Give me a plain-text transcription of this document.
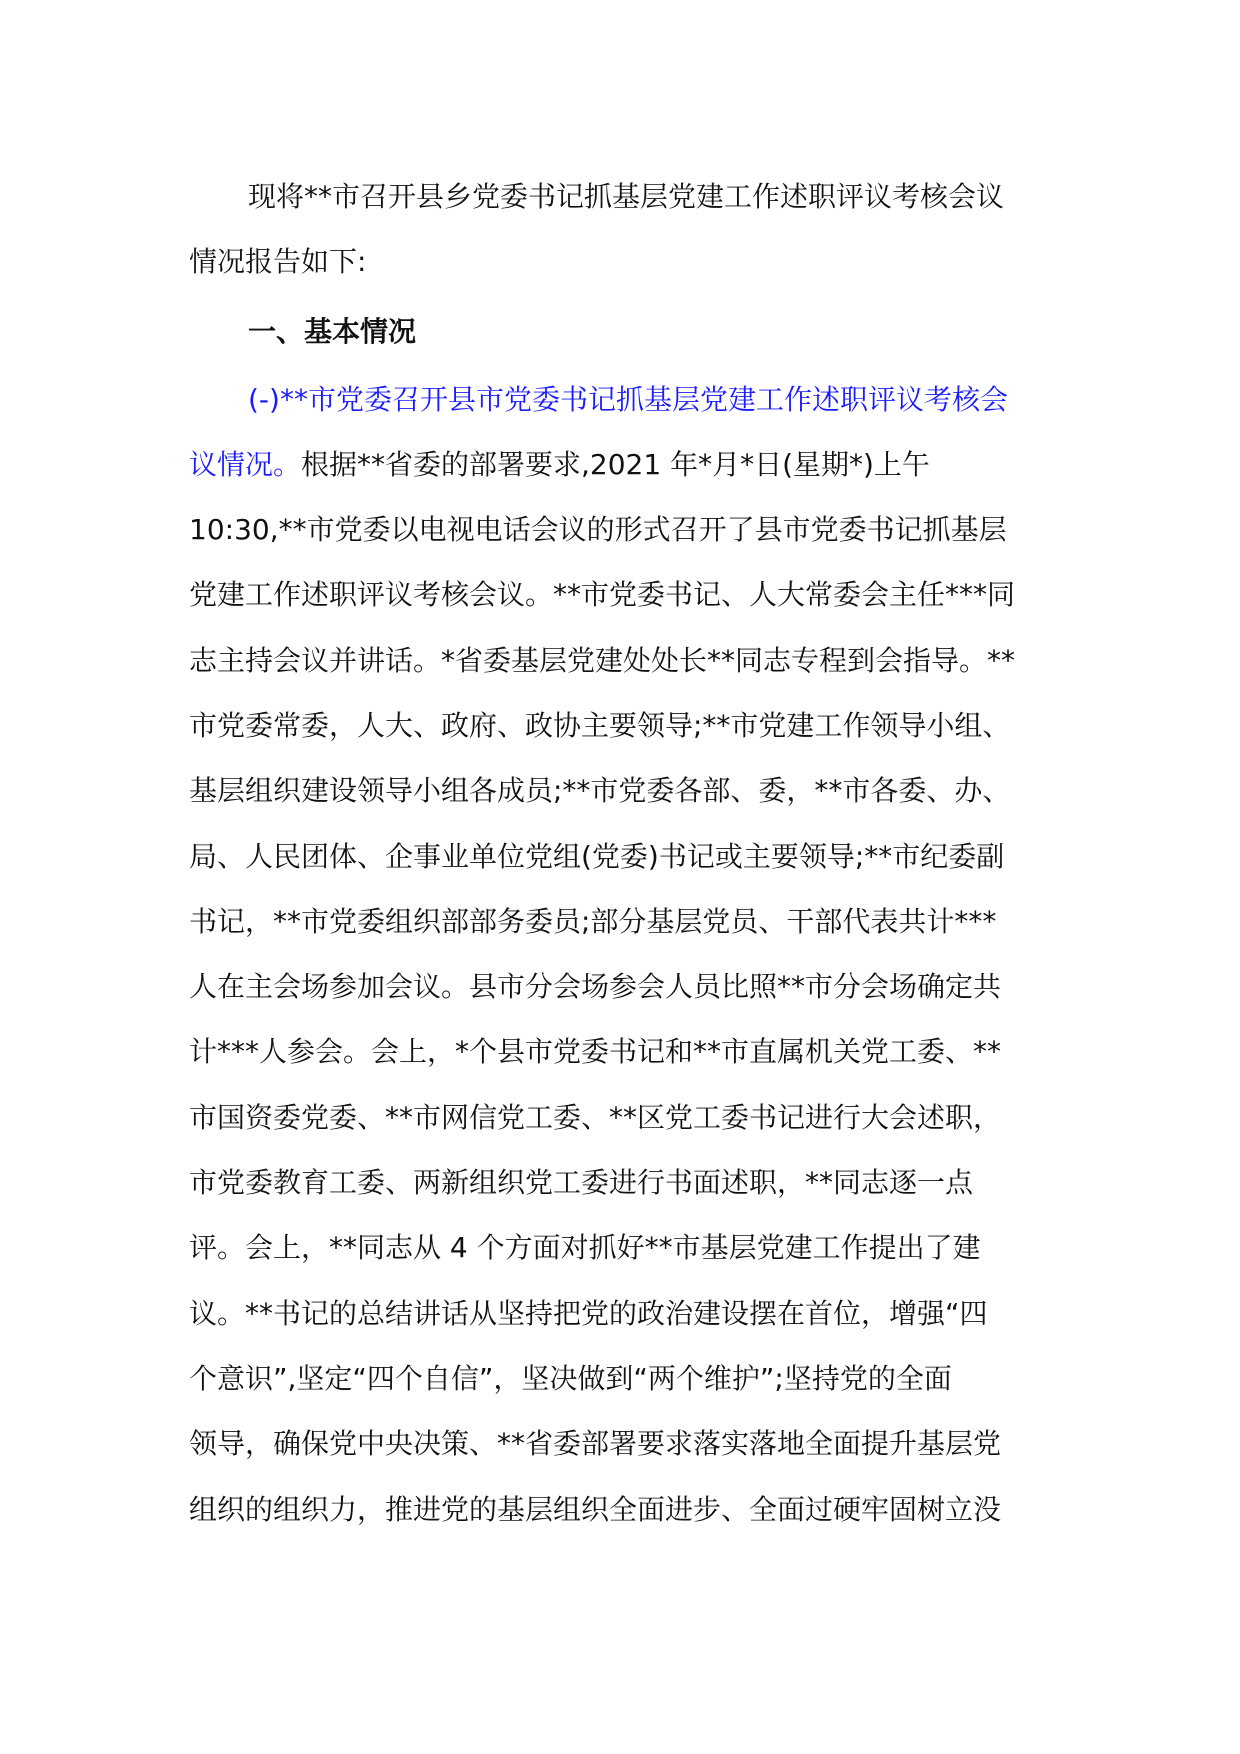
现将**市召开县乡党委书记抓基层党建工作述职评议考核会议
情况报告如下:
一、基本情况
(-)**市党委召开县市党委书记抓基层党建工作述职评议考核会
议情况。根据**省委的部署要求,2021 年*月*日(星期*)上午
10:30,**市党委以电视电话会议的形式召开了县市党委书记抓基层
党建工作述职评议考核会议。**市党委书记、人大常委会主任***同
志主持会议并讲话。*省委基层党建处处长**同志专程到会指导。**
市党委常委，人大、政府、政协主要领导;**市党建工作领导小组、
基层组织建设领导小组各成员;**市党委各部、委，**市各委、办、
局、人民团体、企事业单位党组(党委)书记或主要领导;**市纪委副
书记，**市党委组织部部务委员;部分基层党员、干部代表共计***
人在主会场参加会议。县市分会场参会人员比照**市分会场确定共
计***人参会。会上，*个县市党委书记和**市直属机关党工委、**
市国资委党委、**市网信党工委、**区党工委书记进行大会述职，
市党委教育工委、两新组织党工委进行书面述职，**同志逐一点
评。会上，**同志从 4 个方面对抓好**市基层党建工作提出了建
议。**书记的总结讲话从坚持把党的政治建设摆在首位，增强“四
个意识”,坚定“四个自信”，坚决做到“两个维护”;坚持党的全面
领导，确保党中央决策、**省委部署要求落实落地全面提升基层党
组织的组织力，推进党的基层组织全面进步、全面过硬牢固树立没
